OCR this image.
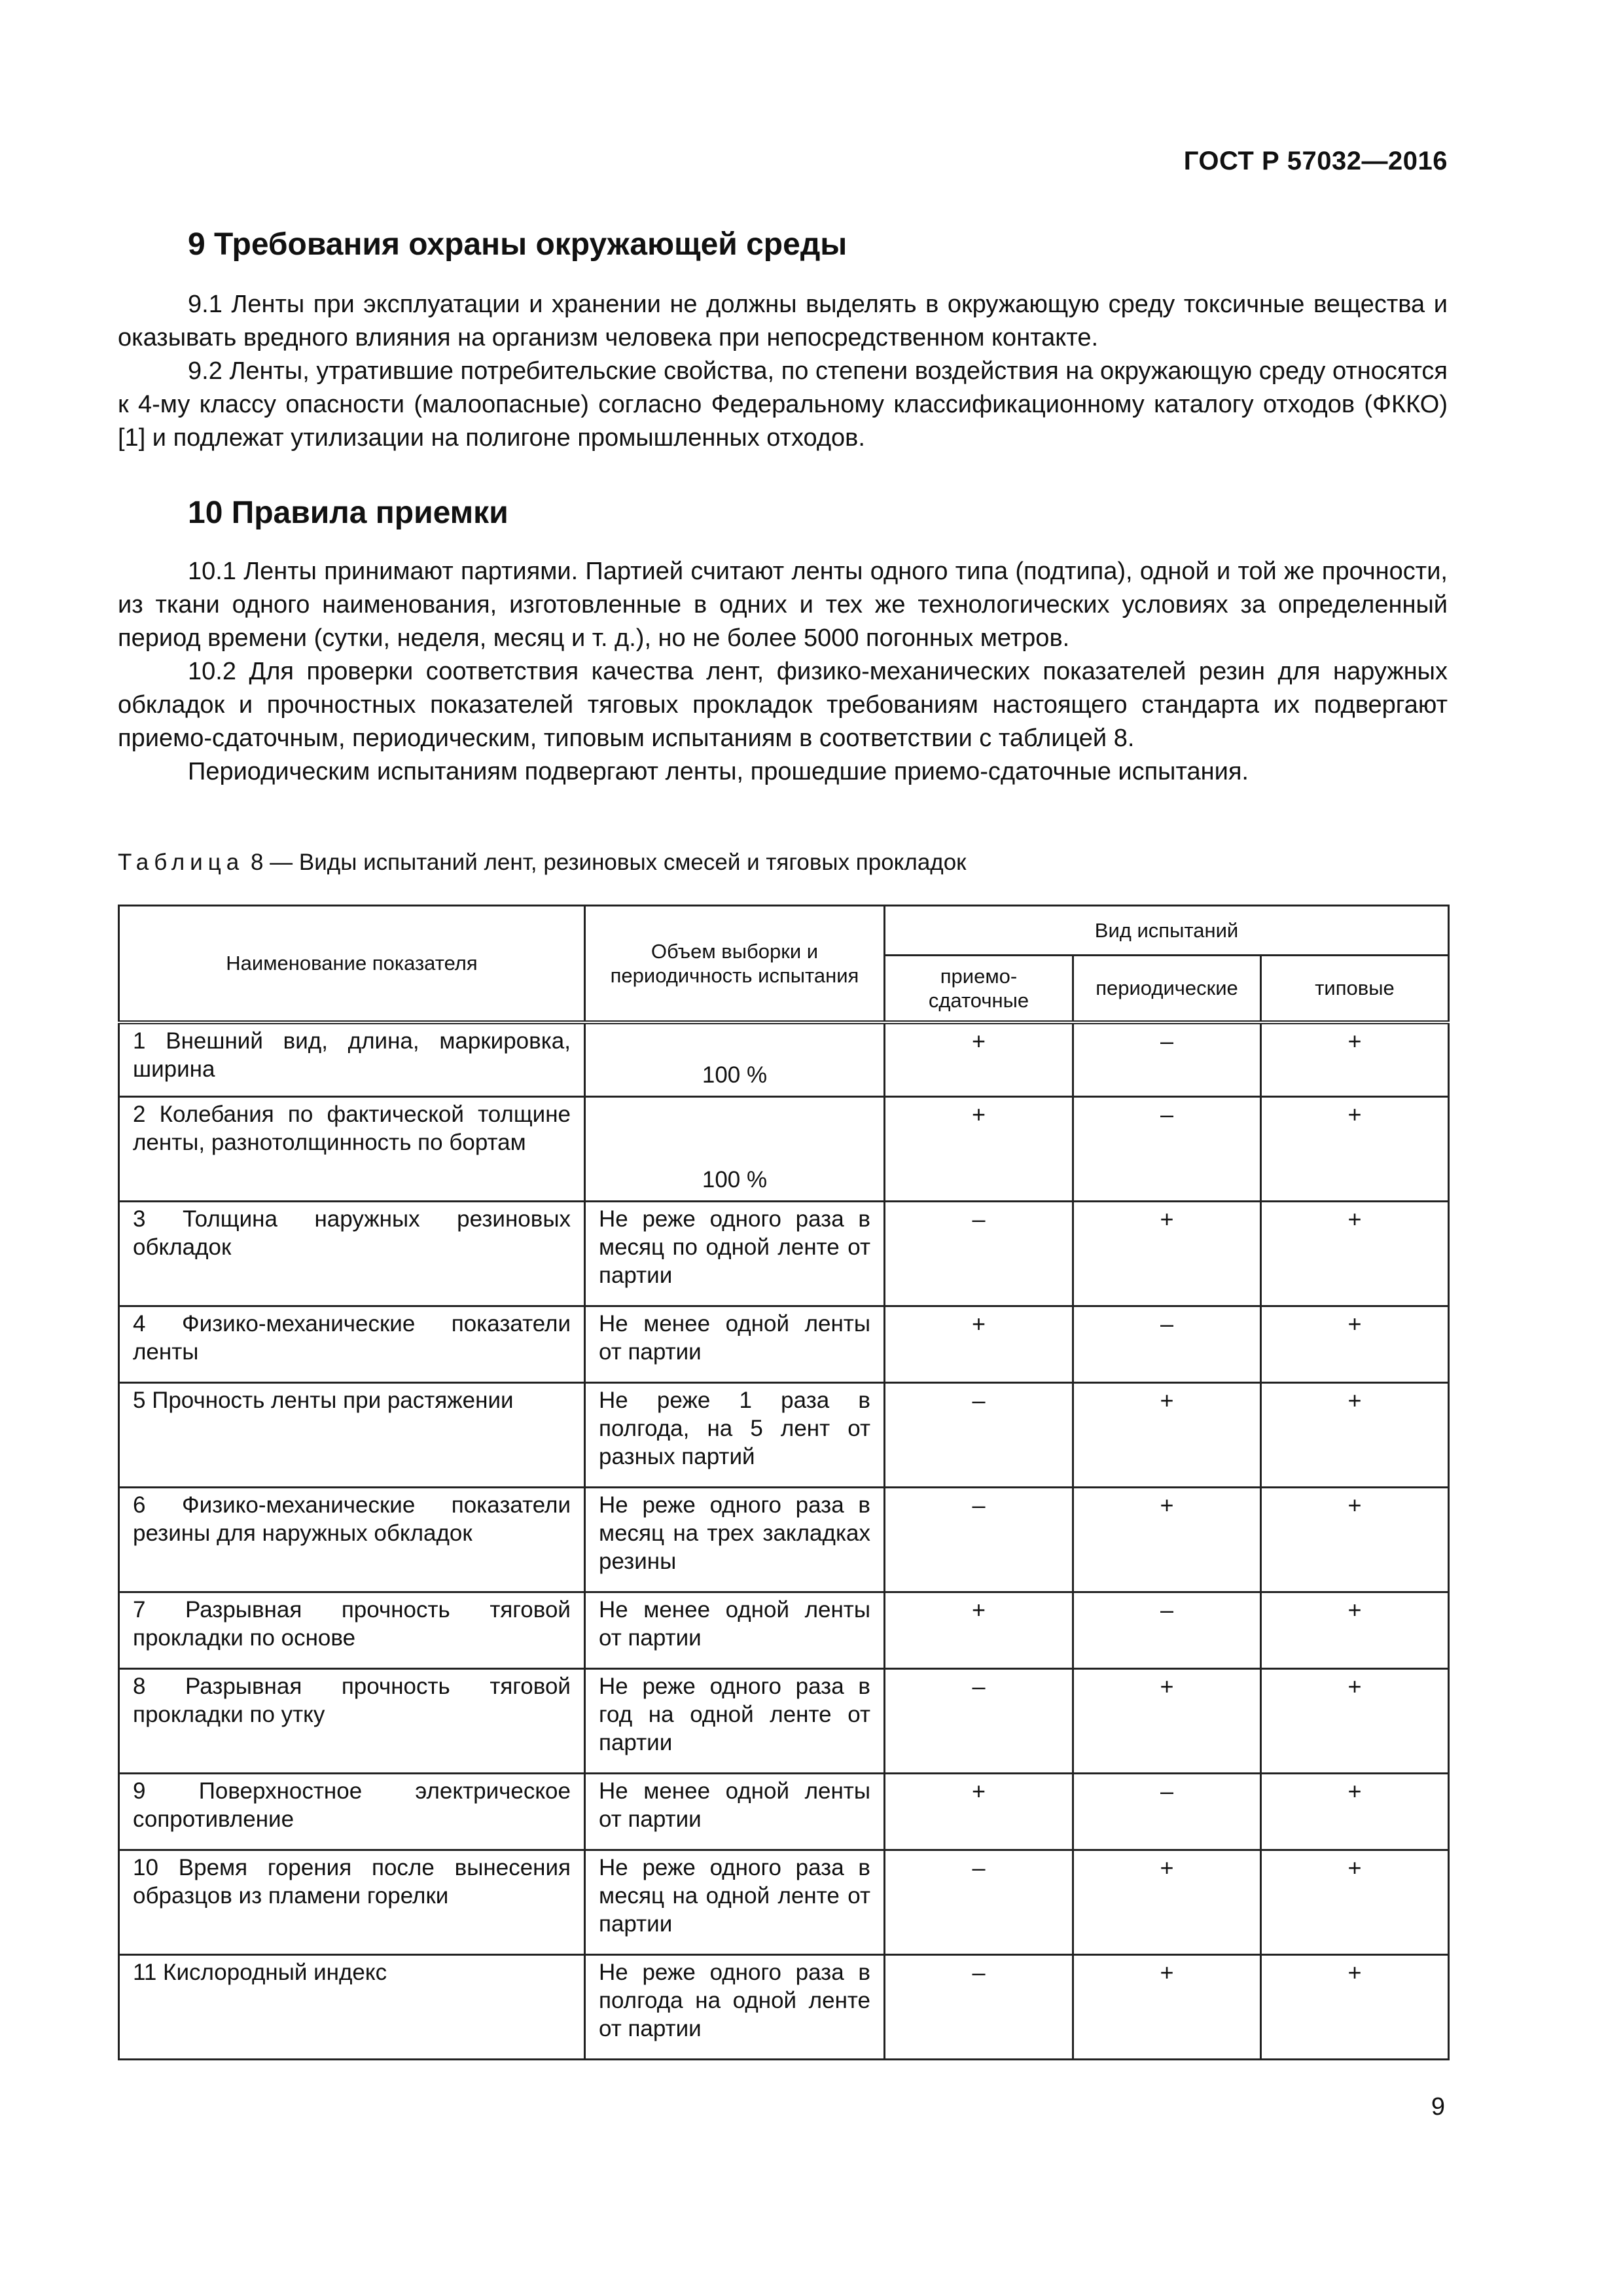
ГОСТ Р 57032—2016
9 Требования охраны окружающей среды

9.1 Ленты при эксплуатации и хранении не должны выделять в окружающую среду токсичные вещества и оказывать вредного влияния на организм человека при непосредственном контакте.

9.2 Ленты, утратившие потребительские свойства, по степени воздействия на окружающую среду относятся к 4-му классу опасности (малоопасные) согласно Федеральному классификационному каталогу отходов (ФККО) [1] и подлежат утилизации на полигоне промышленных отходов.

10 Правила приемки

10.1 Ленты принимают партиями. Партией считают ленты одного типа (подтипа), одной и той же прочности, из ткани одного наименования, изготовленные в одних и тех же технологических условиях за определенный период времени (сутки, неделя, месяц и т. д.), но не более 5000 погонных метров.

10.2 Для проверки соответствия качества лент, физико-механических показателей резин для наружных обкладок и прочностных показателей тяговых прокладок требованиям настоящего стандарта их подвергают приемо-сдаточным, периодическим, типовым испытаниям в соответствии с таблицей 8.

Периодическим испытаниям подвергают ленты, прошедшие приемо-сдаточные испытания.

Таблица 8 — Виды испытаний лент, резиновых смесей и тяговых прокладок
Наименование показателя	Объем выборки и периодичность испытания	Вид испытаний		
		приемо-сдаточные	периодические	типовые
1 Внешний вид, длина, маркировка, ширина	100 %	+	–	+
2 Колебания по фактической толщине ленты, разнотолщинность по бортам	100 %	+	–	+
3 Толщина наружных резиновых обкладок	Не реже одного раза в месяц по одной ленте от партии	–	+	+
4 Физико-механические показатели ленты	Не менее одной ленты от партии	+	–	+
5 Прочность ленты при растяжении	Не реже 1 раза в полгода, на 5 лент от разных партий	–	+	+
6 Физико-механические показатели резины для наружных обкладок	Не реже одного раза в месяц на трех закладках резины	–	+	+
7 Разрывная прочность тяговой прокладки по основе	Не менее одной ленты от партии	+	–	+
8 Разрывная прочность тяговой прокладки по утку	Не реже одного раза в год на одной ленте от партии	–	+	+
9 Поверхностное электрическое сопротивление	Не менее одной ленты от партии	+	–	+
10 Время горения после вынесения образцов из пламени горелки	Не реже одного раза в месяц на одной ленте от партии	–	+	+
11 Кислородный индекс	Не реже одного раза в полгода на одной ленте от партии	–	+	+
9
